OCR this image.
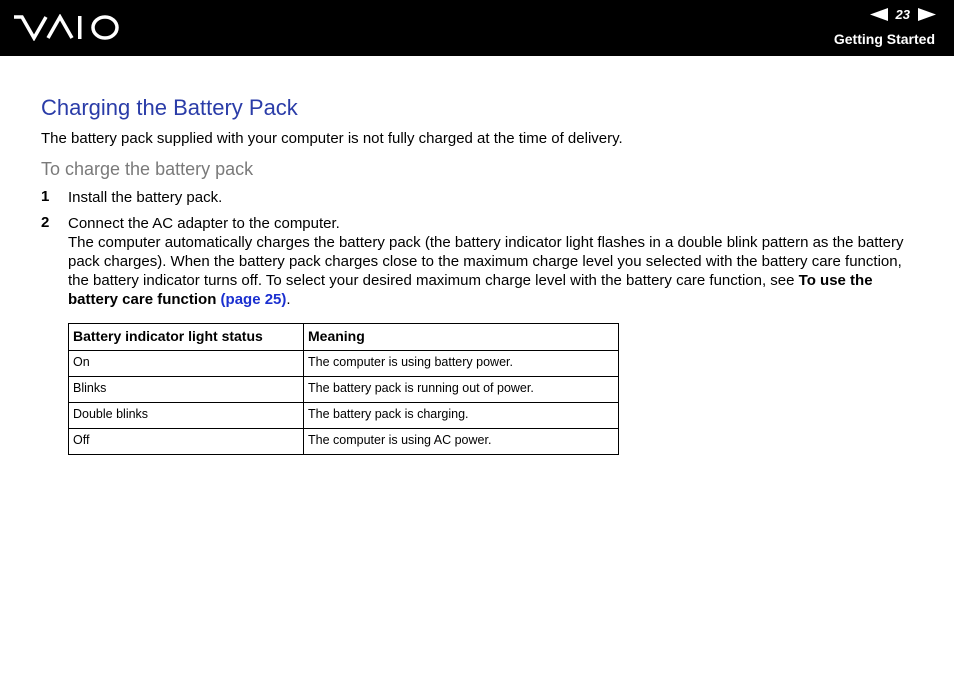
23
Getting Started
Charging the Battery Pack
The battery pack supplied with your computer is not fully charged at the time of delivery.
To charge the battery pack
1 Install the battery pack.
2 Connect the AC adapter to the computer.
The computer automatically charges the battery pack (the battery indicator light flashes in a double blink pattern as the battery pack charges). When the battery pack charges close to the maximum charge level you selected with the battery care function, the battery indicator turns off. To select your desired maximum charge level with the battery care function, see To use the battery care function (page 25).
Battery indicator light status	Meaning
On	The computer is using battery power.
Blinks	The battery pack is running out of power.
Double blinks	The battery pack is charging.
Off	The computer is using AC power.
